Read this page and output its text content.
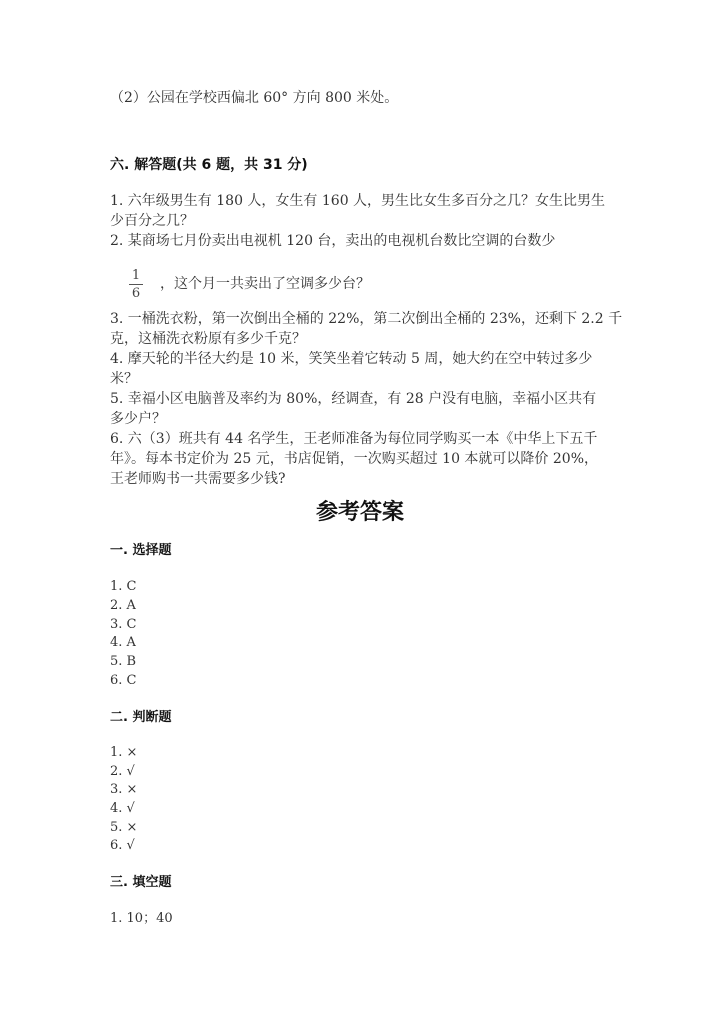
（2）公园在学校西偏北 60° 方向 800 米处。
六. 解答题(共 6 题，共 31 分)
1. 六年级男生有 180 人，女生有 160 人，男生比女生多百分之几？女生比男生
少百分之几？
2. 某商场七月份卖出电视机 120 台，卖出的电视机台数比空调的台数少
1
6
，这个月一共卖出了空调多少台？
3. 一桶洗衣粉，第一次倒出全桶的 22%，第二次倒出全桶的 23%，还剩下 2.2 千
克，这桶洗衣粉原有多少千克？
4. 摩天轮的半径大约是 10 米，笑笑坐着它转动 5 周，她大约在空中转过多少
米？
5. 幸福小区电脑普及率约为 80%，经调查，有 28 户没有电脑，幸福小区共有
多少户？
6. 六（3）班共有 44 名学生，王老师准备为每位同学购买一本《中华上下五千
年》。每本书定价为 25 元，书店促销，一次购买超过 10 本就可以降价 20%，
王老师购书一共需要多少钱?
参考答案
一. 选择题
1. C
2. A
3. C
4. A
5. B
6. C
二. 判断题
1. ×
2. √
3. ×
4. √
5. ×
6. √
三. 填空题
1. 10；40
